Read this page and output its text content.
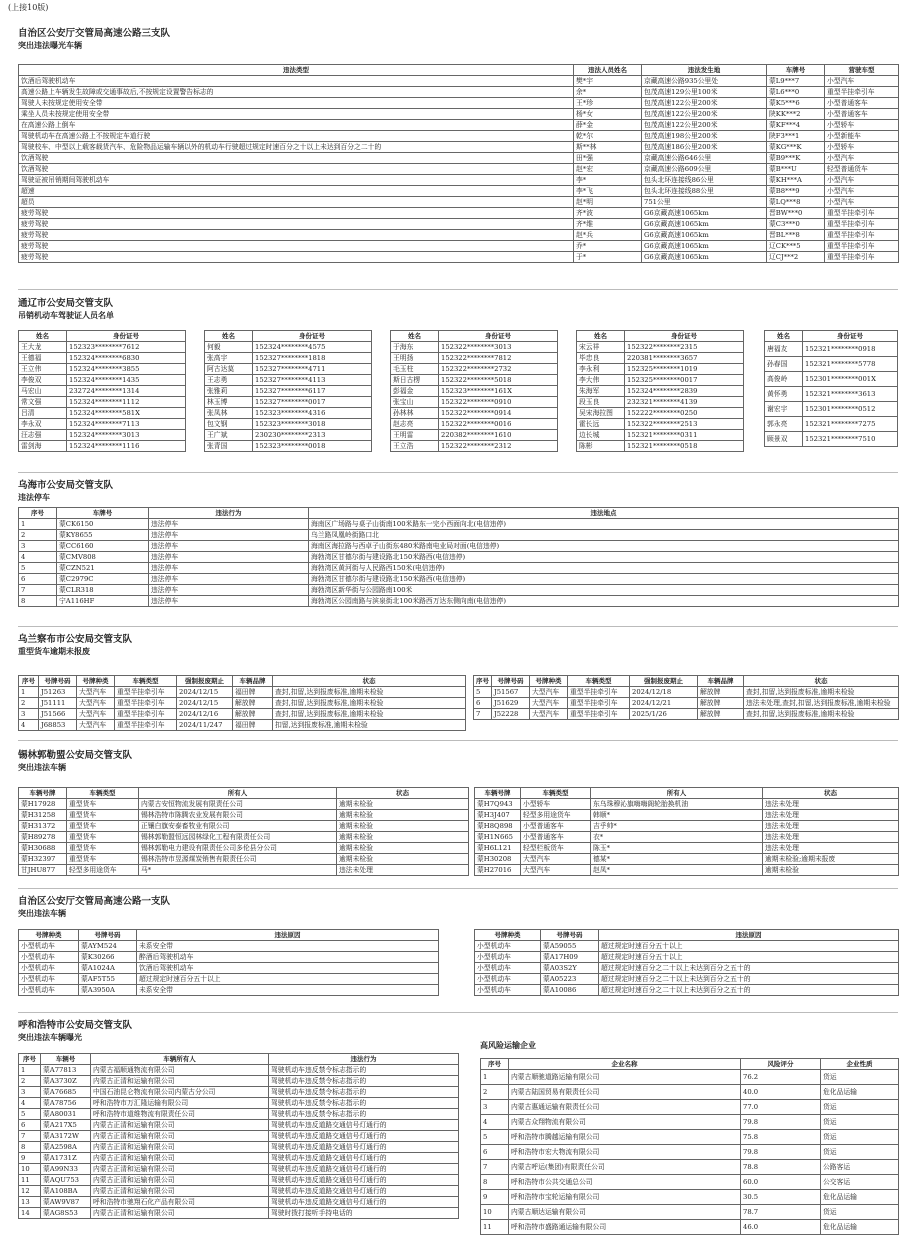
(上接10版)
自治区公安厅交管局高速公路三支队
突出违法曝光车辆
违法类型	违法人员姓名	违法发生地	车牌号	营驶车型
饮酒后驾驶机动车	樊*宇	京藏高速公路935公里处	蒙L9***7	小型汽车
高速公路上车辆发生故障或交通事故后,不按规定设置警告标志的	余*	包茂高速129公里100米	蒙L6***0	重型半挂牵引车
驾驶人未按规定使用安全带	王*珍	包茂高速122公里200米	蒙K5***6	小型普通客车
乘坐人员未按规定使用安全带	杨*女	包茂高速122公里200米	陕KK***2	小型普通客车
在高速公路上倒车	薛*金	包茂高速122公里200米	蒙KF***4	小型轿车
驾驶机动车在高速公路上不按规定车道行驶	乾*尔	包茂高速198公里200米	陕F3***1	小型新能车
驾驶校车、中型以上载客载货汽车、危险物品运输车辆以外的机动车行驶超过规定时速百分之十以上未达到百分之二十的	斯**林	包茂高速186公里200米	蒙KG***K	小型轿车
饮酒驾驶	田*强	京藏高速公路646公里	蒙B9***K	小型汽车
饮酒驾驶	赵*宏	京藏高速公路609公里	蒙B***U	轻型普通货车
驾驶证被吊销期间驾驶机动车	李*	包头北环连接线86公里	蒙KH***A	小型汽车
超速	李*飞	包头北环连接线88公里	蒙B8***9	小型汽车
超员	赵*明	751公里	蒙LQ***8	小型汽车
疲劳驾驶	齐*波	G6京藏高速1065km	晋BW***0	重型半挂牵引车
疲劳驾驶	齐*维	G6京藏高速1065km	蒙C3***0	重型半挂牵引车
疲劳驾驶	赵*兵	G6京藏高速1065km	晋BL***8	重型半挂牵引车
疲劳驾驶	乔*	G6京藏高速1065km	辽CK***5	重型半挂牵引车
疲劳驾驶	于*	G6京藏高速1065km	辽CJ***2	重型半挂牵引车
通辽市公安局交管支队
吊销机动车驾驶证人员名单
姓名	身份证号
王大龙	152323********7612
王德福	152324********6830
王立伟	152324********3855
李俊双	152324********1435
马宏山	232724********1314
常文强	152324********1112
吕清	152324********581X
李永双	152324********7113
汪志强	152324********3013
雷剑海	152324********1116
姓名	身份证号
何毅	152324********4575
张高宇	152327********1818
阿古达莫	152327********4711
王志勇	152327********4113
张雅莉	152327********6117
林玉博	152327********0017
张凤林	152323********4316
包文钢	152323********3018
王广斌	230230********2313
张青国	152323********0018
姓名	身份证号
于海东	152322********3013
王明扬	152322********7812
毛玉柱	152322********2732
斯日古楞	152322********5018
彭福金	152323********161X
张宝山	152322********0910
孙林林	152322********0914
赵志亮	152322********0016
王明雷	220382********1610
王立浩	152322********2312
姓名	身份证号
宋云祥	152322********2315
毕忠良	220381********3657
李永利	152325********1019
李大伟	152325********0017
朱海军	152324********2839
段玉良	232321********4139
吴宋海拉图	152222********0250
霍长远	152322********2513
边长城	152321********0311
陈彬	152321********0518
姓名	身份证号
唐福友	152321********0918
孙春国	152321********5778
高俊岭	152301********001X
黄怀勇	152321********3613
谢宏宇	152301********0512
郭永亮	152321********7275
顾景双	152321********7510
乌海市公安局交管支队
违法停车
序号	车牌号	违法行为	违法地点
1	蒙CK6150	违法停车	海南区广场路与桌子山街南100米路东一完小西面向北(电信违停)
2	蒙KY8655	违法停车	乌兰路凤凰岭街路口北
3	蒙CC6160	违法停车	海南区海拉路与西卓子山街东480米路南电业局对面(电信违停)
4	蒙CMV808	违法停车	海勃湾区甘德尔街与建设路北150米路西(电信违停)
5	蒙CZN521	违法停车	海勃湾区黄河街与人民路西150米(电信违停)
6	蒙C2979C	违法停车	海勃湾区甘德尔街与建设路北150米路西(电信违停)
7	蒙CLR318	违法停车	海勃湾区新华街与公园路南100米
8	宁A116HF	违法停车	海勃湾区公园南路与滨泉街北100米路西万达东侧向南(电信违停)
乌兰察布市公安局交管支队
重型货车逾期未报废
序号	号牌号码	号牌种类	车辆类型	强制报废期止	车辆品牌	状态
1	J51263	大型汽车	重型半挂牵引车	2024/12/15	福田牌	查封,扣留,达到报废标准,逾期未检验
2	J51111	大型汽车	重型半挂牵引车	2024/12/15	解放牌	查封,扣留,达到报废标准,逾期未检验
3	J51566	大型汽车	重型半挂牵引车	2024/12/16	解放牌	查封,扣留,达到报废标准,逾期未检验
4	J68853	大型汽车	重型半挂牵引车	2024/11/247	福田牌	扣留,达到报废标准,逾期未检验
序号	号牌号码	号牌种类	车辆类型	强制报废期止	车辆品牌	状态
5	J51567	大型汽车	重型半挂牵引车	2024/12/18	解放牌	查封,扣留,达到报废标准,逾期未检验
6	J51629	大型汽车	重型半挂牵引车	2024/12/21	解放牌	违法未处理,查封,扣留,达到报废标准,逾期未检验
7	J52228	大型汽车	重型半挂牵引车	2025/1/26	解放牌	查封,扣留,达到报废标准,逾期未检验
锡林郭勒盟公安局交管支队
突出违法车辆
车辆号牌	车辆类型	所有人	状态
蒙H17928	重型货车	内蒙古安恒物流发展有限责任公司	逾期未检验
蒙H31258	重型货车	锡林浩特市陈腾农业发展有限公司	逾期未检验
蒙H31372	重型货车	正镶白旗安泰畜牧业有限公司	逾期未检验
蒙H89278	重型货车	锡林郭勒盟恒远园林绿化工程有限责任公司	逾期未检验
蒙H30688	重型货车	锡林郭勒电力建设有限责任公司多伦县分公司	逾期未检验
蒙H32397	重型货车	锡林浩特市昱源煤炭销售有限责任公司	逾期未检验
甘JHU877	轻型多用途货车	马*	违法未处理
车辆号牌	车辆类型	所有人	状态
蒙H7Q943	小型轿车	东乌珠穆沁旗嗨嗨阁轮胎换机油	违法未处理
蒙H3J407	轻型多用途货车	韩顺*	违法未处理
蒙H8Q898	小型普通客车	吉乎帅*	违法未处理
蒙H1N665	小型普通客车	衣*	违法未处理
蒙H6L121	轻型栏板货车	陈玉*	违法未处理
蒙H30208	大型汽车	德某*	逾期未检验;逾期未报废
蒙H27016	大型汽车	赵凤*	逾期未检验
自治区公安厅交管局高速公路一支队
突出违法车辆
号牌种类	号牌号码	违法原因
小型机动车	蒙AYM524	未系安全带
小型机动车	蒙K30266	醉酒后驾驶机动车
小型机动车	蒙A1024A	饮酒后驾驶机动车
小型机动车	蒙AF5T55	超过规定时速百分五十以上
小型机动车	蒙A3950A	未系安全带
号牌种类	号牌号码	违法原因
小型机动车	蒙A59055	超过规定时速百分五十以上
小型机动车	蒙A17H09	超过规定时速百分五十以上
小型机动车	蒙A03S2Y	超过规定时速百分之二十以上未达到百分之五十的
小型机动车	蒙A05223	超过规定时速百分之二十以上未达到百分之五十的
小型机动车	蒙A10086	超过规定时速百分之二十以上未达到百分之五十的
呼和浩特市公安局交管支队
突出违法车辆曝光
序号	车辆号	车辆所有人	违法行为
1	蒙A77813	内蒙古福顺通物流有限公司	驾驶机动车违反禁令标志指示的
2	蒙A3730Z	内蒙古正清和运输有限公司	驾驶机动车违反禁令标志指示的
3	蒙A76685	中国石油昆仑物流有限公司内蒙古分公司	驾驶机动车违反禁令标志指示的
4	蒙A78756	呼和浩特市万汇隆运输有限公司	驾驶机动车违反禁令标志指示的
5	蒙A80031	呼和浩特市道维物流有限责任公司	驾驶机动车违反禁令标志指示的
6	蒙A217X5	内蒙古正清和运输有限公司	驾驶机动车违反道路交通信号灯通行的
7	蒙A3172W	内蒙古正清和运输有限公司	驾驶机动车违反道路交通信号灯通行的
8	蒙A2598A	内蒙古正清和运输有限公司	驾驶机动车违反道路交通信号灯通行的
9	蒙A1731Z	内蒙古正清和运输有限公司	驾驶机动车违反道路交通信号灯通行的
10	蒙A99N33	内蒙古正清和运输有限公司	驾驶机动车违反道路交通信号灯通行的
11	蒙AQU753	内蒙古正清和运输有限公司	驾驶机动车违反道路交通信号灯通行的
12	蒙A108BA	内蒙古正清和运输有限公司	驾驶机动车违反道路交通信号灯通行的
13	蒙AW9V87	呼和浩特市驰翔石化产品有限公司	驾驶机动车违反道路交通信号灯通行的
14	蒙AG8S53	内蒙古正清和运输有限公司	驾驶时拨打接听手持电话的
高风险运输企业
序号	企业名称	风险评分	企业性质
1	内蒙古顺驰道路运输有限公司	76.2	货运
2	内蒙古陆国贸易有限责任公司	40.0	危化品运输
3	内蒙古惠通运输有限责任公司	77.0	货运
4	内蒙古众翔物流有限公司	79.8	货运
5	呼和浩特市腾越运输有限公司	75.8	货运
6	呼和浩特市宏大物流有限公司	79.8	货运
7	内蒙古呼运(集团)有限责任公司	78.8	公路客运
8	呼和浩特市公共交通总公司	60.0	公交客运
9	呼和浩特市宝轮运输有限公司	30.5	危化品运输
10	内蒙古顺达运输有限公司	78.7	货运
11	呼和浩特市盛路通运输有限公司	46.0	危化品运输
